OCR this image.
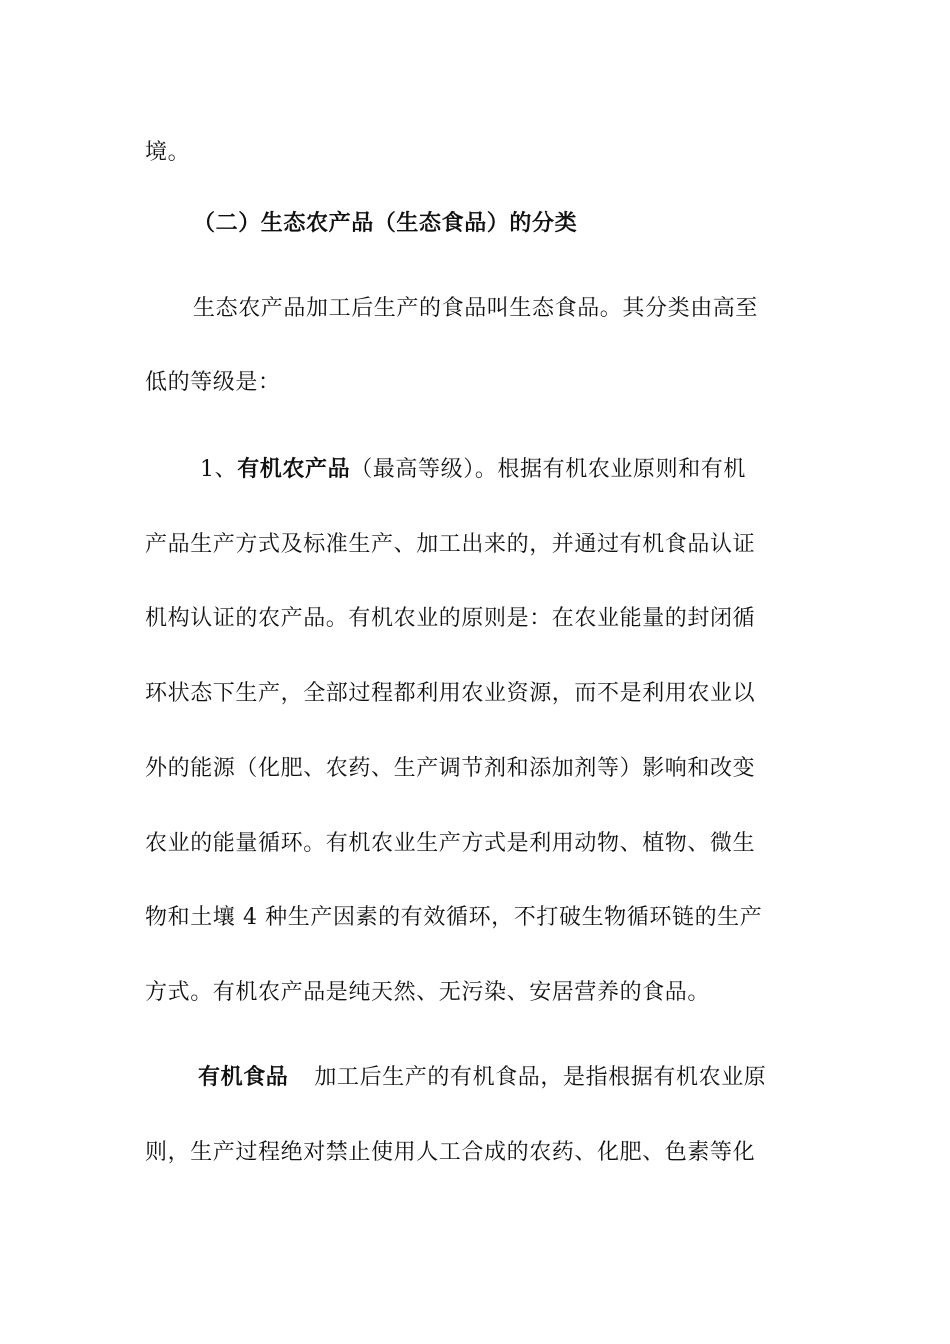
境。
（二）生态农产品（生态食品）的分类
生态农产品加工后生产的食品叫生态食品。其分类由高至
低的等级是：
1、有机农产品（最高等级）。根据有机农业原则和有机
产品生产方式及标准生产、加工出来的，并通过有机食品认证
机构认证的农产品。有机农业的原则是：在农业能量的封闭循
环状态下生产，全部过程都利用农业资源，而不是利用农业以
外的能源（化肥、农药、生产调节剂和添加剂等）影响和改变
农业的能量循环。有机农业生产方式是利用动物、植物、微生
物和土壤 4 种生产因素的有效循环，不打破生物循环链的生产
方式。有机农产品是纯天然、无污染、安居营养的食品。
有机食品 加工后生产的有机食品，是指根据有机农业原
则，生产过程绝对禁止使用人工合成的农药、化肥、色素等化
